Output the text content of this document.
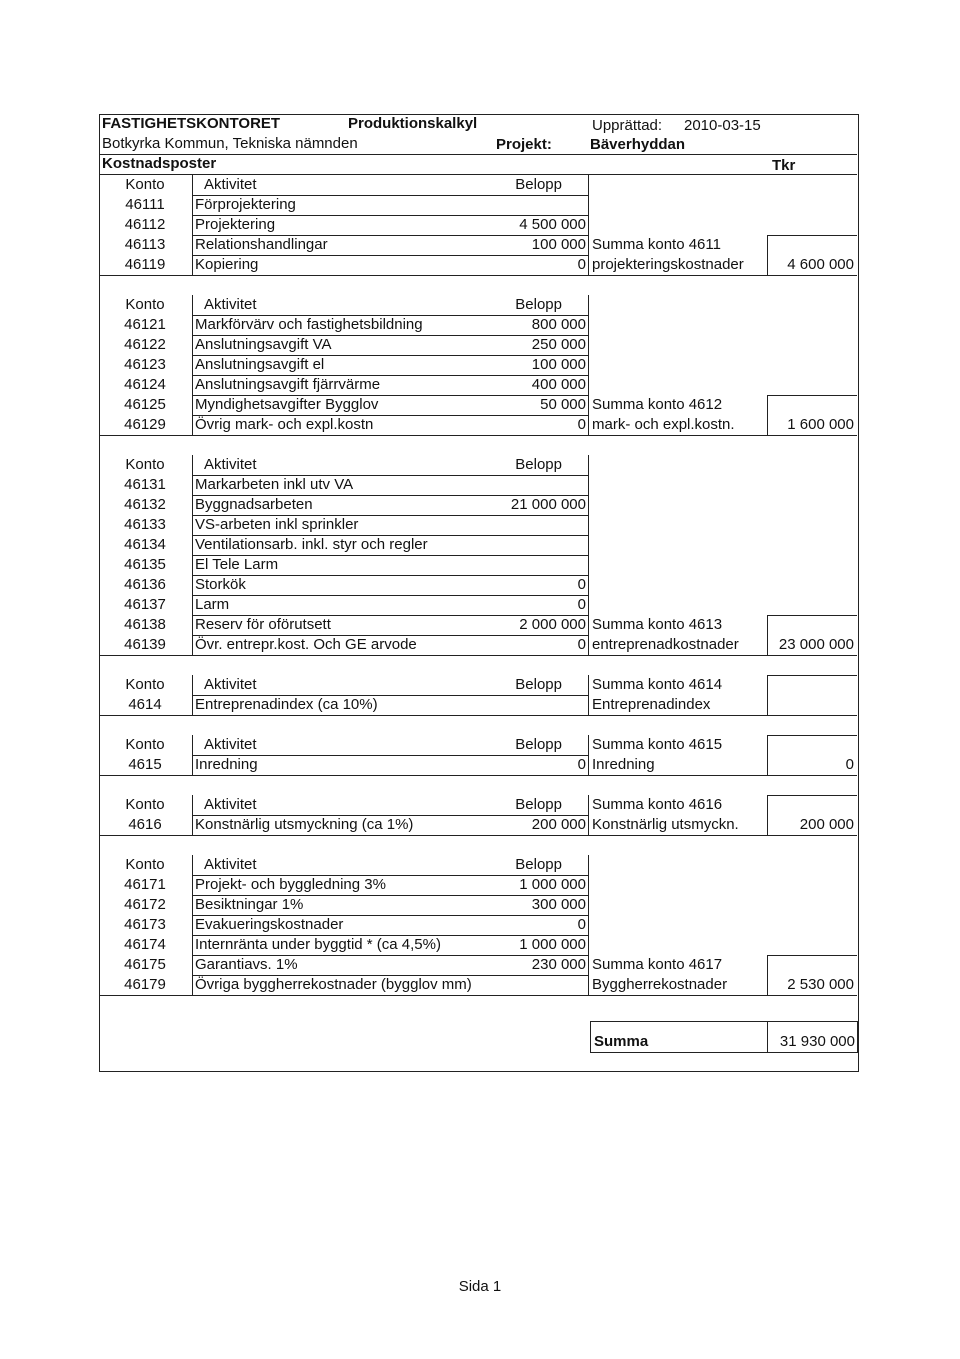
FASTIGHETSKONTORET	Produktionskalkyl	Upprättad: 2010-03-15
Botkyrka Kommun, Tekniska nämnden	Projekt:	Bäverhyddan
Kostnadsposter	Tkr
Konto	Aktivitet	Belopp
46111	Förprojektering
46112	Projektering	4 500 000
46113	Relationshandlingar	100 000
46119	Kopiering	0
Summa konto 4611
projekteringskostnader	4 600 000
Konto	Aktivitet	Belopp
46121	Markförvärv och fastighetsbildning	800 000
46122	Anslutningsavgift VA	250 000
46123	Anslutningsavgift el	100 000
46124	Anslutningsavgift fjärrvärme	400 000
46125	Myndighetsavgifter Bygglov	50 000
46129	Övrig mark- och expl.kostn	0
Summa konto 4612
mark- och expl.kostn.	1 600 000
Konto	Aktivitet	Belopp
46131	Markarbeten inkl utv VA
46132	Byggnadsarbeten	21 000 000
46133	VS-arbeten inkl sprinkler
46134	Ventilationsarb. inkl. styr och regler
46135	El Tele Larm
46136	Storkök	0
46137	Larm	0
46138	Reserv för oförutsett	2 000 000
46139	Övr. entrepr.kost. Och GE arvode	0
Summa konto 4613
entreprenadkostnader	23 000 000
Konto	Aktivitet	Belopp
4614	Entreprenadindex (ca 10%)
Summa konto 4614
Entreprenadindex
Konto	Aktivitet	Belopp
4615	Inredning	0
Summa konto 4615
Inredning	0
Konto	Aktivitet	Belopp
4616	Konstnärlig utsmyckning (ca 1%)	200 000
Summa konto 4616
Konstnärlig utsmyckn.	200 000
Konto	Aktivitet	Belopp
46171	Projekt- och byggledning 3%	1 000 000
46172	Besiktningar 1%	300 000
46173	Evakueringskostnader	0
46174	Internränta under byggtid * (ca 4,5%)	1 000 000
46175	Garantiavs. 1%	230 000
46179	Övriga byggherrekostnader (bygglov mm)
Summa konto 4617
Byggherrekostnader	2 530 000
Summa	31 930 000
Sida 1
